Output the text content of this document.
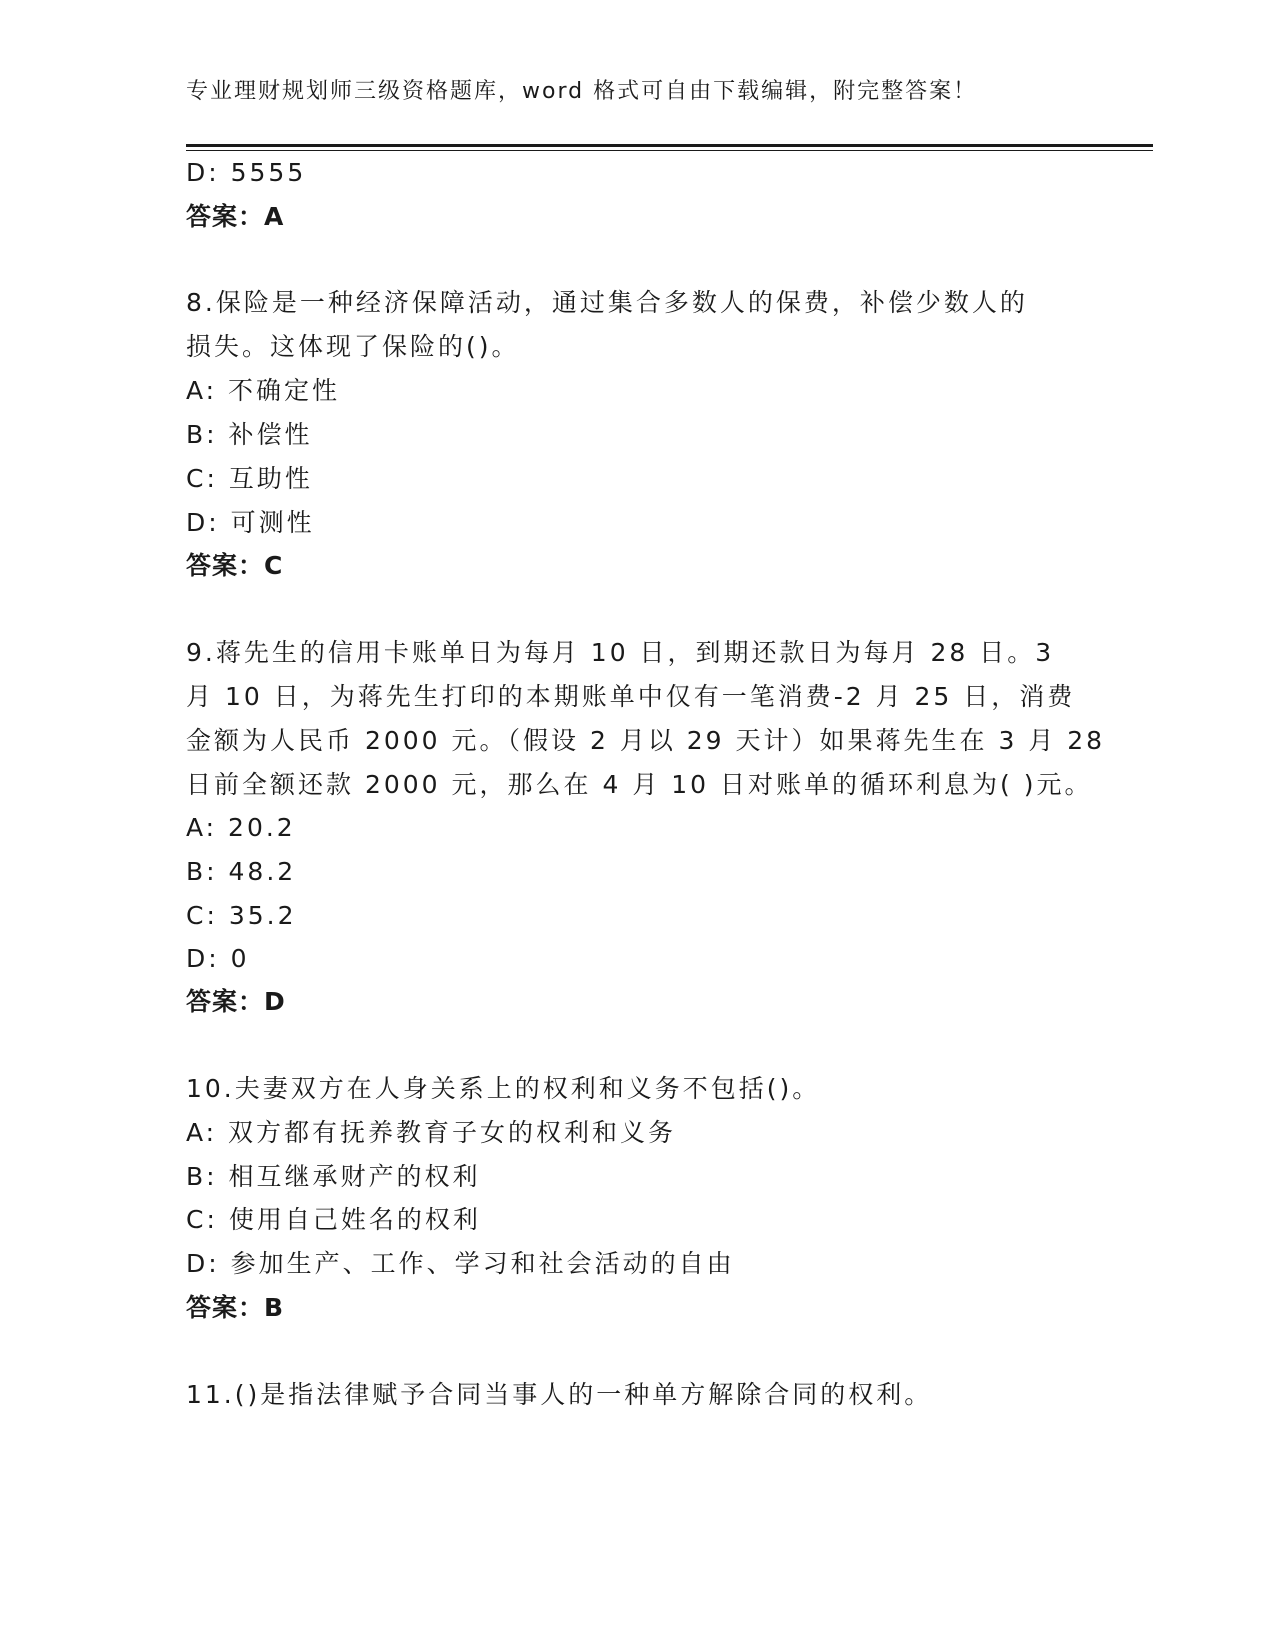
专业理财规划师三级资格题库，word 格式可自由下载编辑，附完整答案！
D: 5555
答案：A
8.保险是一种经济保障活动，通过集合多数人的保费，补偿少数人的
损失。这体现了保险的()。
A: 不确定性
B: 补偿性
C: 互助性
D: 可测性
答案：C
9.蒋先生的信用卡账单日为每月 10 日，到期还款日为每月 28 日。3
月 10 日，为蒋先生打印的本期账单中仅有一笔消费-2 月 25 日，消费
金额为人民币 2000 元。（假设 2 月以 29 天计）如果蒋先生在 3 月 28
日前全额还款 2000 元，那么在 4 月 10 日对账单的循环利息为( )元。
A: 20.2
B: 48.2
C: 35.2
D: 0
答案：D
10.夫妻双方在人身关系上的权利和义务不包括()。
A: 双方都有抚养教育子女的权利和义务
B: 相互继承财产的权利
C: 使用自己姓名的权利
D: 参加生产、工作、学习和社会活动的自由
答案：B
11.()是指法律赋予合同当事人的一种单方解除合同的权利。
